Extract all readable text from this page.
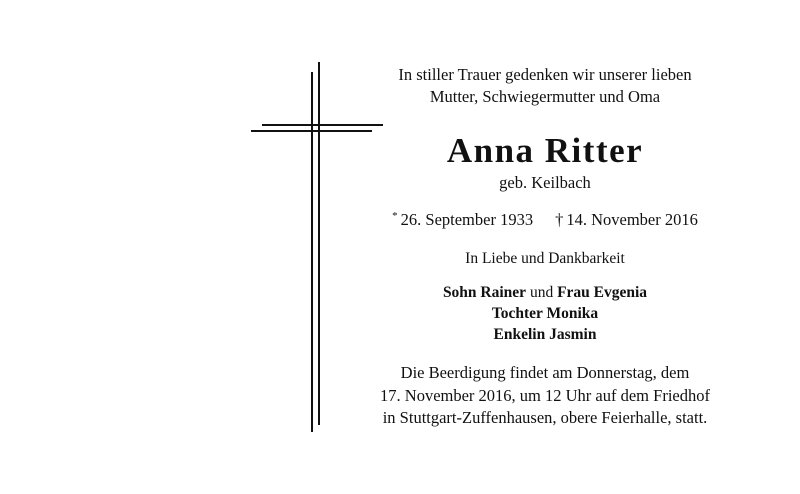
In stiller Trauer gedenken wir unserer lieben
Mutter, Schwiegermutter und Oma
Anna Ritter
geb. Keilbach
* 26. September 1933 † 14. November 2016
In Liebe und Dankbarkeit
Sohn Rainer und Frau Evgenia
Tochter Monika
Enkelin Jasmin
Die Beerdigung findet am Donnerstag, dem
17. November 2016, um 12 Uhr auf dem Friedhof
in Stuttgart-Zuffenhausen, obere Feierhalle, statt.
